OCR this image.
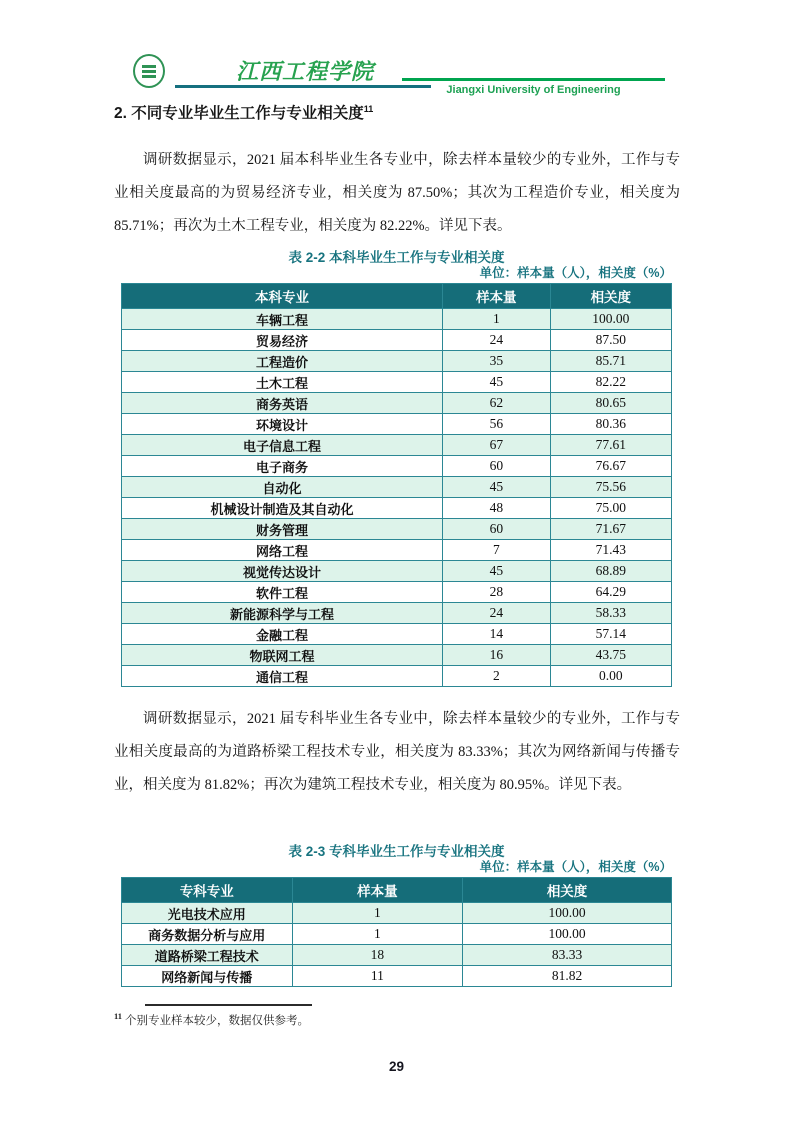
江西工程学院
Jiangxi University of Engineering
2. 不同专业毕业生工作与专业相关度$^{11}$

调研数据显示，2021 届本科毕业生各专业中，除去样本量较少的专业外，工作与专业相关度最高的为贸易经济专业，相关度为 87.50%；其次为工程造价专业，相关度为 85.71%；再次为土木工程专业，相关度为 82.22%。详见下表。

表 2-2 本科毕业生工作与专业相关度
单位：样本量（人），相关度（%）
本科专业	样本量	相关度
车辆工程	1	100.00
贸易经济	24	87.50
工程造价	35	85.71
土木工程	45	82.22
商务英语	62	80.65
环境设计	56	80.36
电子信息工程	67	77.61
电子商务	60	76.67
自动化	45	75.56
机械设计制造及其自动化	48	75.00
财务管理	60	71.67
网络工程	7	71.43
视觉传达设计	45	68.89
软件工程	28	64.29
新能源科学与工程	24	58.33
金融工程	14	57.14
物联网工程	16	43.75
通信工程	2	0.00

调研数据显示，2021 届专科毕业生各专业中，除去样本量较少的专业外，工作与专业相关度最高的为道路桥梁工程技术专业，相关度为 83.33%；其次为网络新闻与传播专业，相关度为 81.82%；再次为建筑工程技术专业，相关度为 80.95%。详见下表。

表 2-3 专科毕业生工作与专业相关度
单位：样本量（人），相关度（%）
专科专业	样本量	相关度
光电技术应用	1	100.00
商务数据分析与应用	1	100.00
道路桥梁工程技术	18	83.33
网络新闻与传播	11	81.82
$^{11}$ 个别专业样本较少，数据仅供参考。
29
